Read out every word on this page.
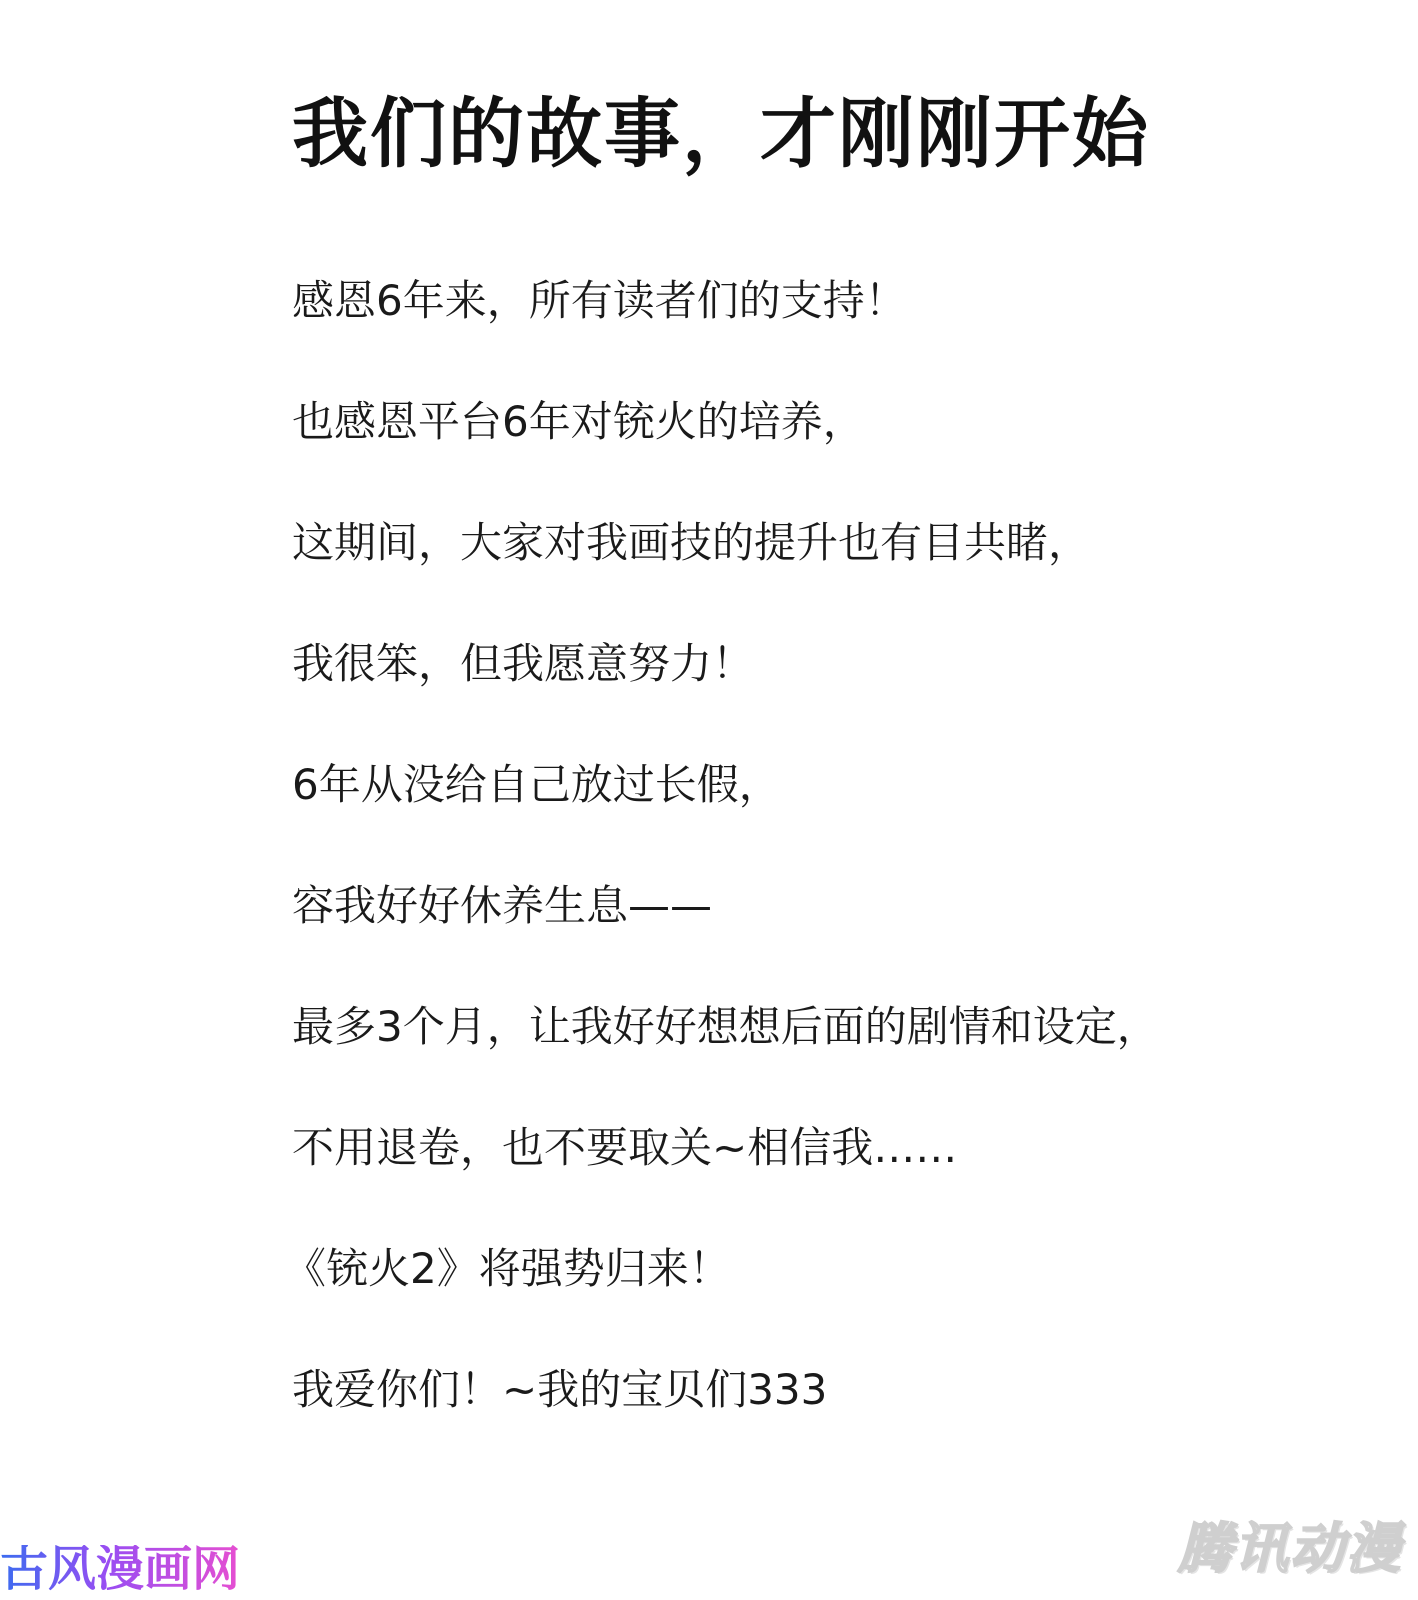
我们的故事，才刚刚开始
感恩6年来，所有读者们的支持！
也感恩平台6年对铳火的培养，
这期间，大家对我画技的提升也有目共睹，
我很笨，但我愿意努力！
6年从没给自己放过长假，
容我好好休养生息——
最多3个月，让我好好想想后面的剧情和设定，
不用退卷，也不要取关~相信我……
《铳火2》将强势归来！
我爱你们！~我的宝贝们333
古风漫画网	腾讯动漫
